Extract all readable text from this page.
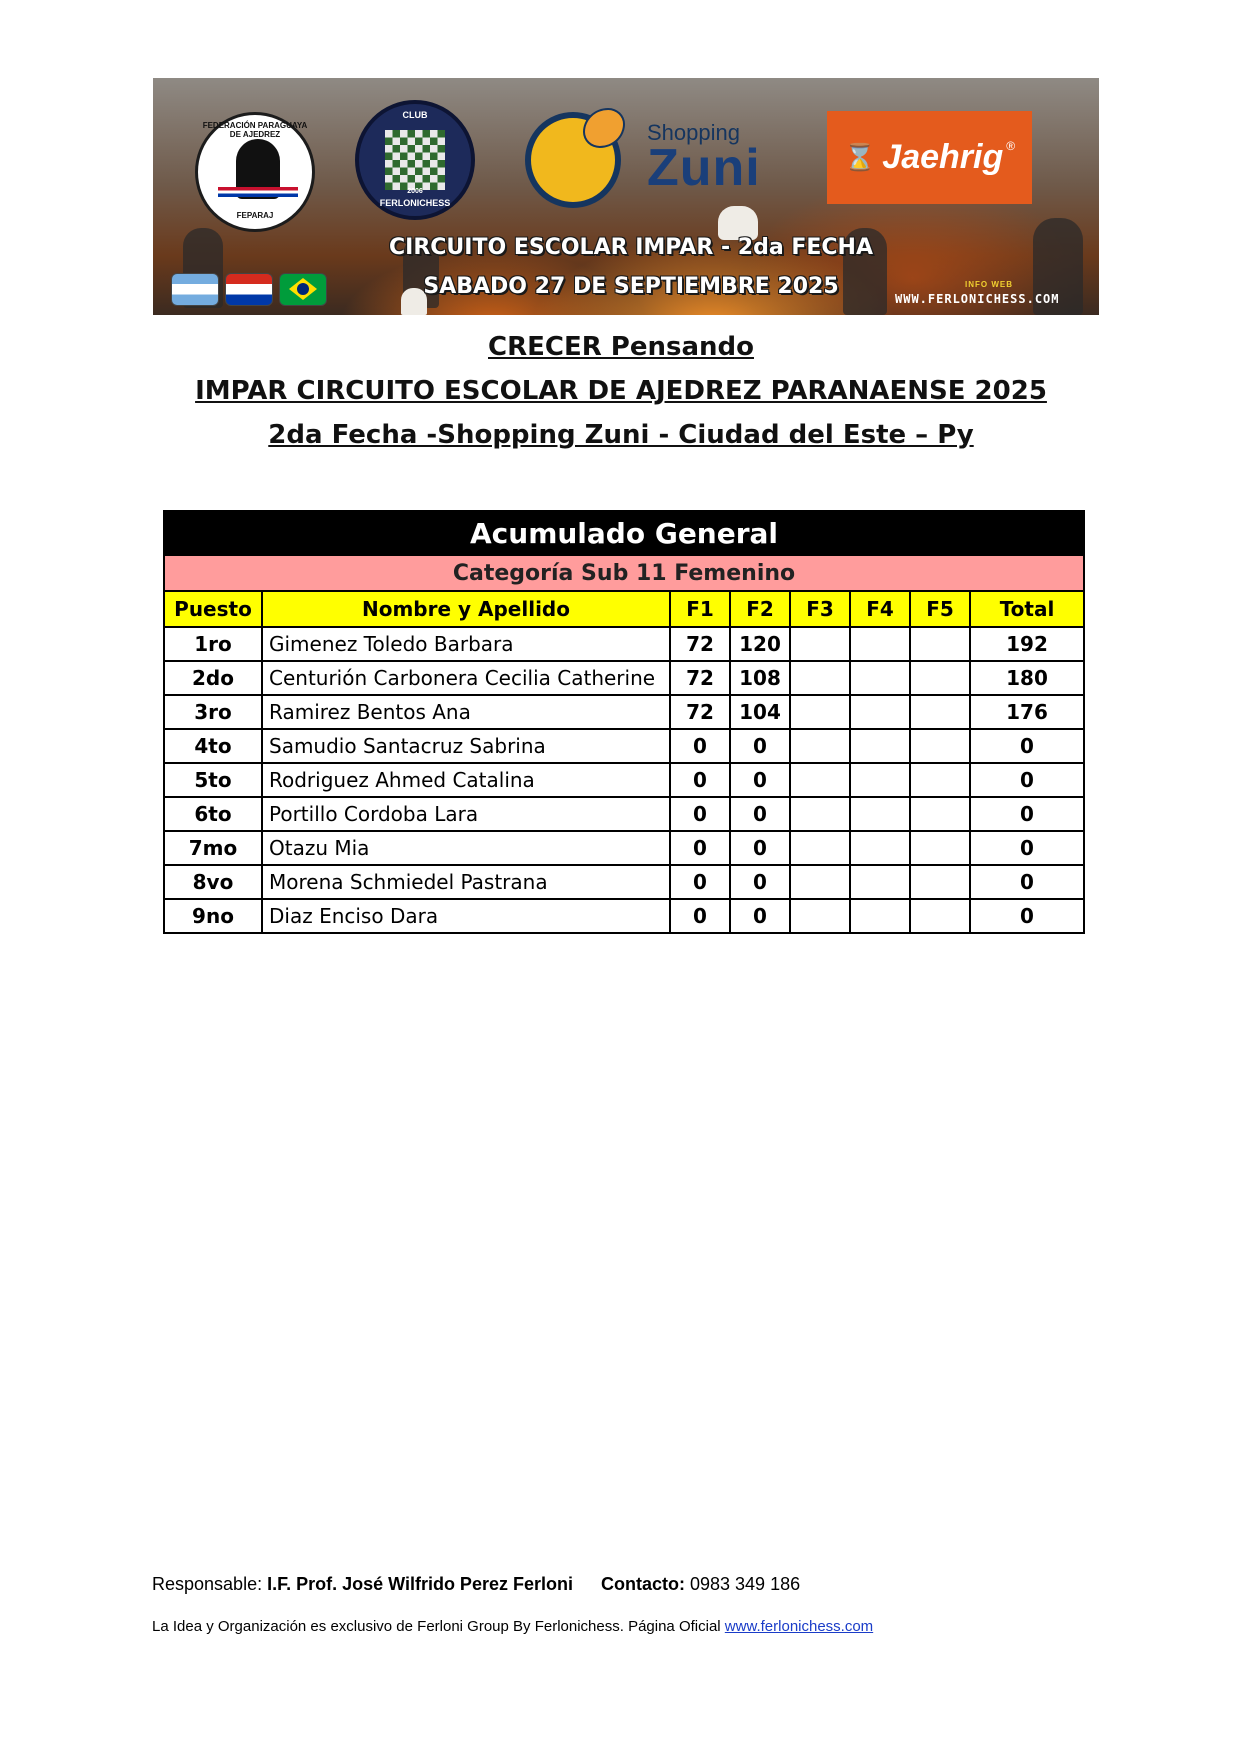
FEDERACIÓN PARAGUAYA DE AJEDREZ
FEPARAJ
CLUB
2006
FERLONICHESS
Shopping
Zuni	⌛ Jaehrig ®
CIRCUITO ESCOLAR IMPAR - 2da FECHA
SABADO 27 DE SEPTIEMBRE 2025	INFO WEB
WWW.FERLONICHESS.COM
CRECER Pensando
IMPAR CIRCUITO ESCOLAR DE AJEDREZ PARANAENSE 2025
2da Fecha -Shopping Zuni - Ciudad del Este – Py
Acumulado General							
Categoría Sub 11 Femenino							
Puesto	Nombre y Apellido	F1	F2	F3	F4	F5	Total
1ro	Gimenez Toledo Barbara	72	120				192
2do	Centurión Carbonera Cecilia Catherine	72	108				180
3ro	Ramirez Bentos Ana	72	104				176
4to	Samudio Santacruz Sabrina	0	0				0
5to	Rodriguez Ahmed Catalina	0	0				0
6to	Portillo Cordoba Lara	0	0				0
7mo	Otazu Mia	0	0				0
8vo	Morena Schmiedel Pastrana	0	0				0
9no	Diaz Enciso Dara	0	0				0
Responsable: I.F. Prof. José Wilfrido Perez Ferloni Contacto: 0983 349 186
La Idea y Organización es exclusivo de Ferloni Group By Ferlonichess. Página Oficial www.ferlonichess.com
